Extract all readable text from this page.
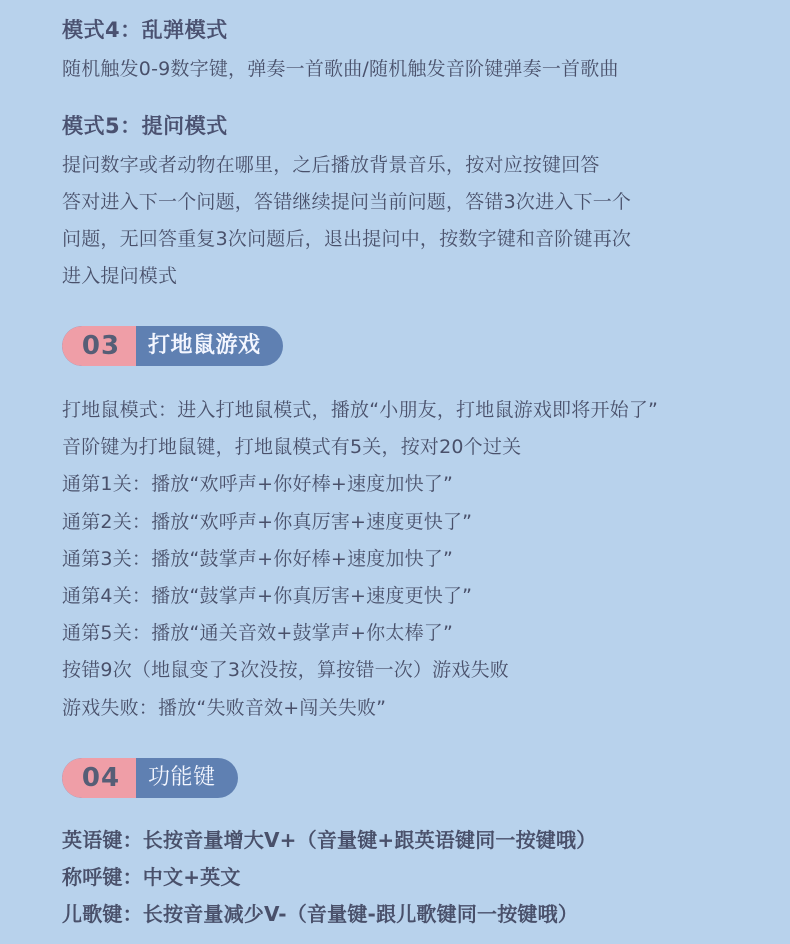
模式4：乱弹模式

随机触发0-9数字键，弹奏一首歌曲/随机触发音阶键弹奏一首歌曲

模式5：提问模式

提问数字或者动物在哪里，之后播放背景音乐，按对应按键回答

答对进入下一个问题，答错继续提问当前问题，答错3次进入下一个

问题，无回答重复3次问题后，退出提问中，按数字键和音阶键再次

进入提问模式

03	打地鼠游戏

打地鼠模式：进入打地鼠模式，播放“小朋友，打地鼠游戏即将开始了”

音阶键为打地鼠键，打地鼠模式有5关，按对20个过关

通第1关：播放“欢呼声+你好棒+速度加快了”

通第2关：播放“欢呼声+你真厉害+速度更快了”

通第3关：播放“鼓掌声+你好棒+速度加快了”

通第4关：播放“鼓掌声+你真厉害+速度更快了”

通第5关：播放“通关音效+鼓掌声+你太棒了”

按错9次（地鼠变了3次没按，算按错一次）游戏失败

游戏失败：播放“失败音效+闯关失败”

04	功能键

英语键：长按音量增大V+（音量键+跟英语键同一按键哦）

称呼键：中文+英文

儿歌键：长按音量减少V-（音量键-跟儿歌键同一按键哦）
